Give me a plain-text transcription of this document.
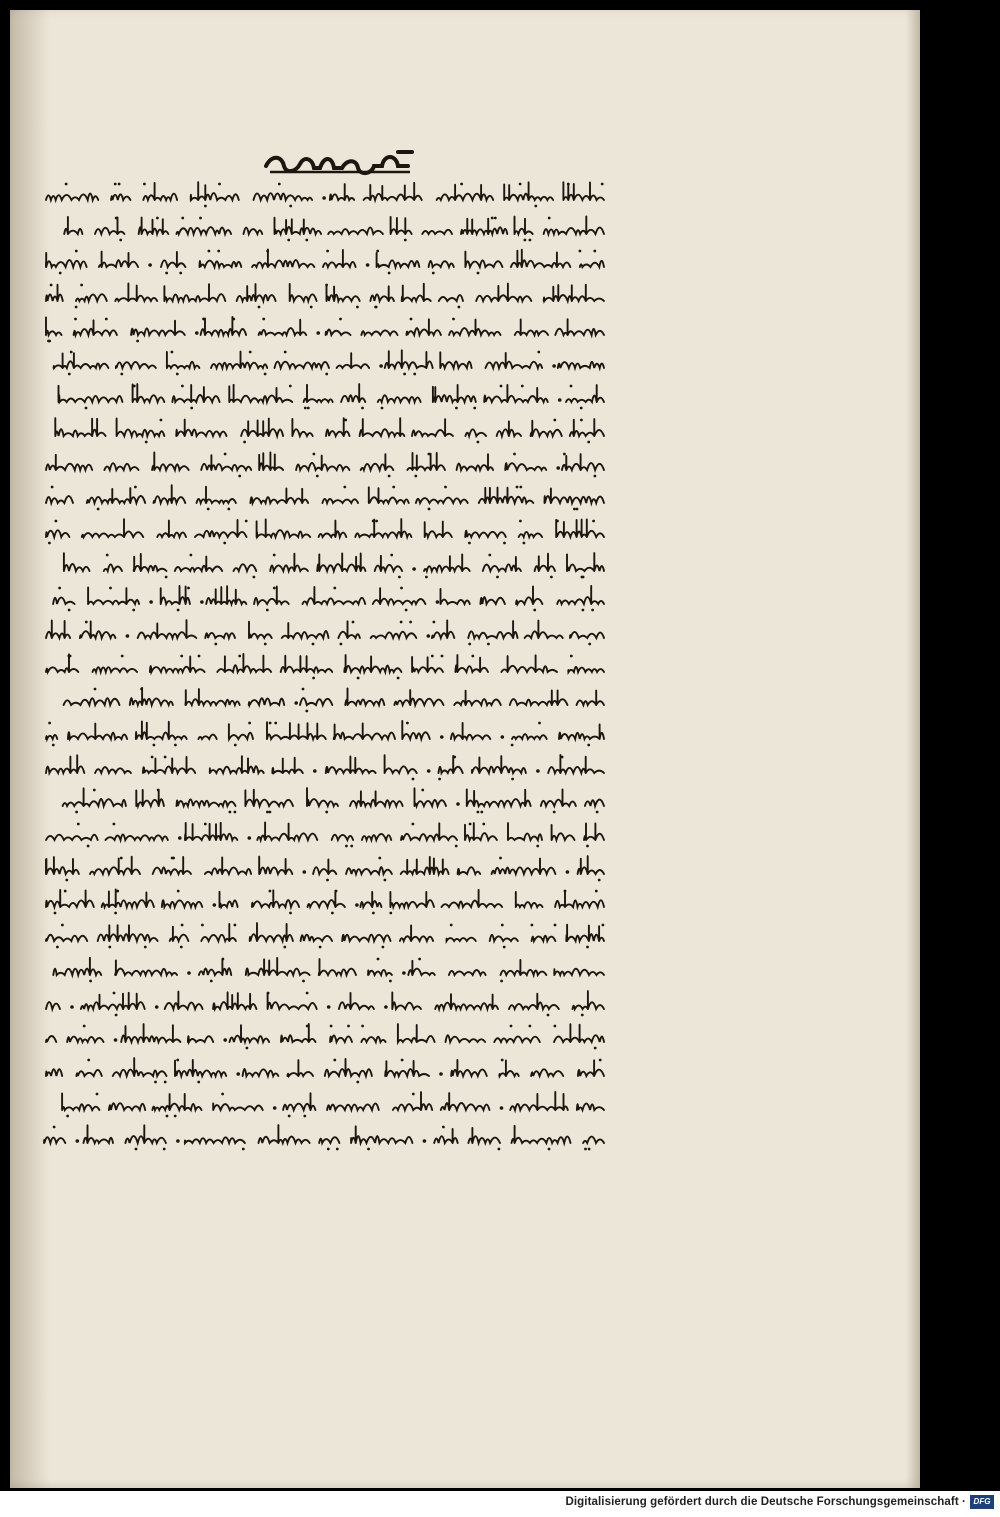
Digitalisierung gefördert durch die Deutsche Forschungsgemeinschaft · DFG
